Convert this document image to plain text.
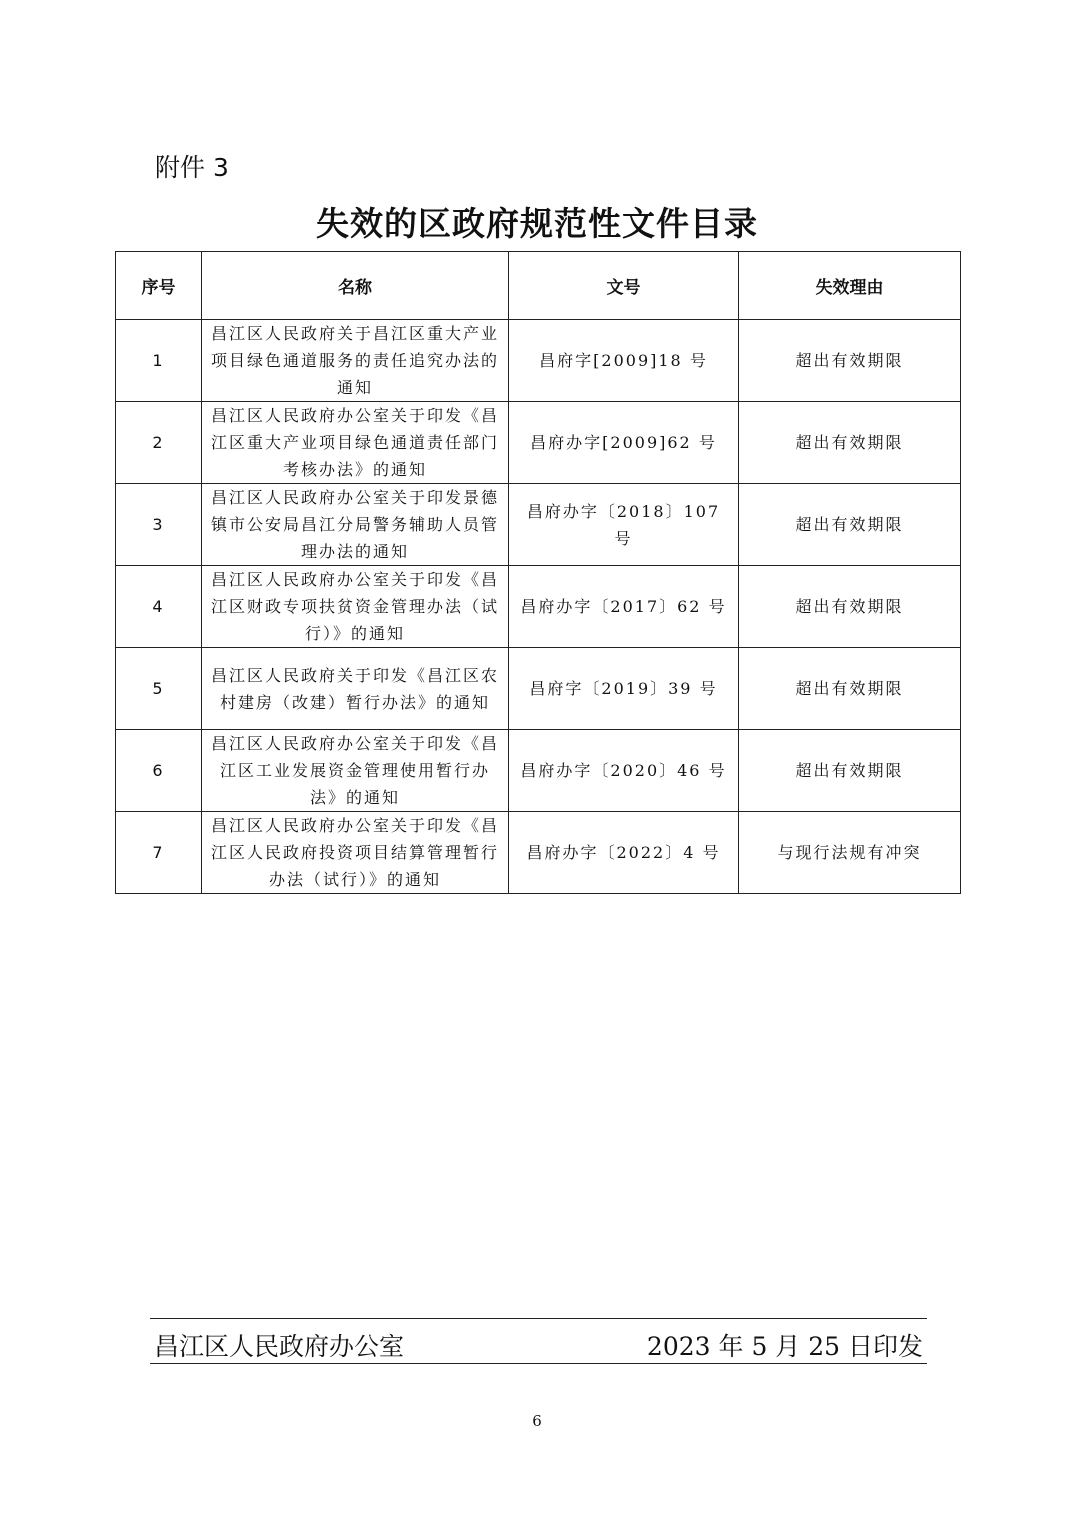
附件 3
失效的区政府规范性文件目录
序号	名称	文号	失效理由
1	昌江区人民政府关于昌江区重大产业项目绿色通道服务的责任追究办法的通知	昌府字[2009]18 号	超出有效期限
2	昌江区人民政府办公室关于印发《昌江区重大产业项目绿色通道责任部门考核办法》的通知	昌府办字[2009]62 号	超出有效期限
3	昌江区人民政府办公室关于印发景德镇市公安局昌江分局警务辅助人员管理办法的通知	昌府办字〔2018〕107 号	超出有效期限
4	昌江区人民政府办公室关于印发《昌江区财政专项扶贫资金管理办法（试行）》的通知	昌府办字〔2017〕62 号	超出有效期限
5	昌江区人民政府关于印发《昌江区农村建房（改建）暂行办法》的通知	昌府字〔2019〕39 号	超出有效期限
6	昌江区人民政府办公室关于印发《昌江区工业发展资金管理使用暂行办法》的通知	昌府办字〔2020〕46 号	超出有效期限
7	昌江区人民政府办公室关于印发《昌江区人民政府投资项目结算管理暂行办法（试行）》的通知	昌府办字〔2022〕4 号	与现行法规有冲突
昌江区人民政府办公室	2023 年 5 月 25 日印发
6
